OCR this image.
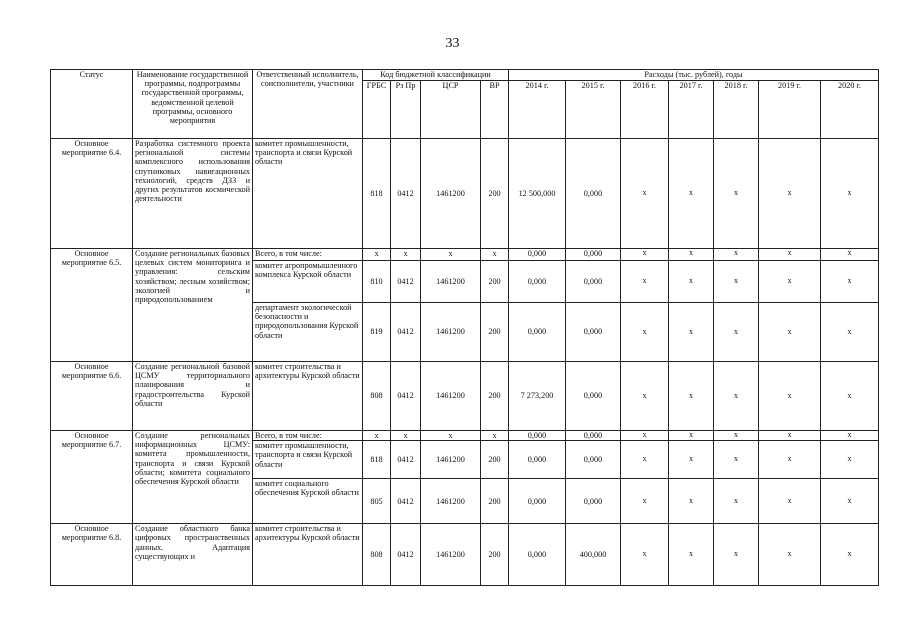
33
Статус	Наименование государственной программы, подпрограммы государственной программы, ведомственной целевой программы, основного мероприятия	Ответственный исполнитель, соисполнители, участники	Код бюджетной классификации				Расходы (тыс. рублей), годы						
			ГРБС	Рз Пр	ЦСР	ВР	2014 г.	2015 г.	2016 г.	2017 г.	2018 г.	2019 г.	2020 г.
Основное мероприятие 6.4.	Разработка системного проекта региональной системы комплексного использования спутниковых навигационных технологий, средств ДЗЗ и других результатов космической деятельности	комитет промышленности, транспорта и связи Курской области	818	0412	1461200	200	12 500,000	0,000	x	x	x	x	x
Основное мероприятие 6.5.	Создание региональных базовых целевых систем мониторинга и управления: сельским хозяйством; лесным хозяйством; экологией и природопользованием	Всего, в том числе:	x	x	x	x	0,000	0,000	x	x	x	x	x
		комитет агропромышленного комплекса Курской области	810	0412	1461200	200	0,000	0,000	x	x	x	x	x
		департамент экологической безопасности и природопользования Курской области	819	0412	1461200	200	0,000	0,000	x	x	x	x	x
Основное мероприятие 6.6.	Создание региональной базовой ЦСМУ территориального планирования и градостроительства Курской области	комитет строительства и архитектуры Курской области	808	0412	1461200	200	7 273,200	0,000	x	x	x	x	x
Основное мероприятие 6.7.	Создание региональных информационных ЦСМУ: комитета промышленности, транспорта и связи Курской области; комитета социального обеспечения Курской области	Всего, в том числе:	x	x	x	x	0,000	0,000	x	x	x	x	x
		комитет промышленности, транспорта и связи Курской области	818	0412	1461200	200	0,000	0,000	x	x	x	x	x
		комитет социального обеспечения Курской области	805	0412	1461200	200	0,000	0,000	x	x	x	x	x
Основное мероприятие 6.8.	Создание областного банка цифровых пространственных данных. Адаптация существующих и	комитет строительства и архитектуры Курской области	808	0412	1461200	200	0,000	400,000	x	x	x	x	x
